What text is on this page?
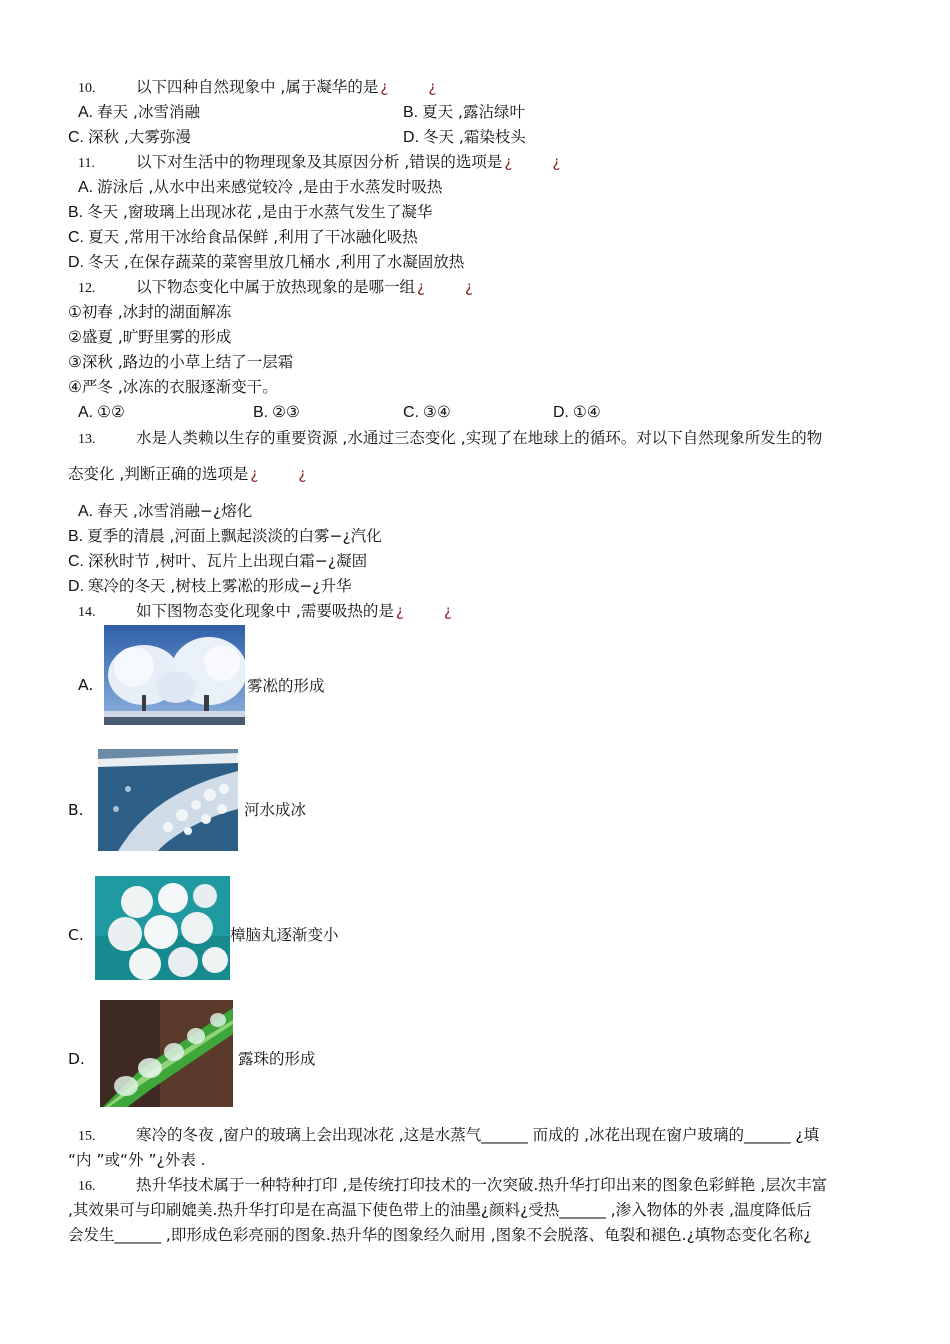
10.	以下四种自然现象中 ,属于凝华的是 ¿	¿
A. 春天 ,冰雪消融	B. 夏天 ,露沾绿叶
C. 深秋 ,大雾弥漫	D. 冬天 ,霜染枝头
11.	以下对生活中的物理现象及其原因分析 ,错误的选项是 ¿	¿
A. 游泳后 ,从水中出来感觉较冷 ,是由于水蒸发时吸热
B. 冬天 ,窗玻璃上出现冰花 ,是由于水蒸气发生了凝华
C. 夏天 ,常用干冰给食品保鲜 ,利用了干冰融化吸热
D. 冬天 ,在保存蔬菜的菜窖里放几桶水 ,利用了水凝固放热
12.	以下物态变化中属于放热现象的是哪一组 ¿	¿
①初春 ,冰封的湖面解冻
②盛夏 ,旷野里雾的形成
③深秋 ,路边的小草上结了一层霜
④严冬 ,冰冻的衣服逐渐变干。
A. ①②	B. ②③	C. ③④	D. ①④
13.	水是人类赖以生存的重要资源 ,水通过三态变化 ,实现了在地球上的循环。对以下自然现象所发生的物
态变化 ,判断正确的选项是 ¿	¿
A. 春天 ,冰雪消融−¿熔化
B. 夏季的清晨 ,河面上飘起淡淡的白雾−¿汽化
C. 深秋时节 ,树叶、瓦片上出现白霜−¿凝固
D. 寒冷的冬天 ,树枝上雾凇的形成−¿升华
14.	如下图物态变化现象中 ,需要吸热的是 ¿	¿
A.	雾凇的形成
B.	河水成冰
C.	樟脑丸逐渐变小
D.	露珠的形成
15.	寒冷的冬夜 ,窗户的玻璃上会出现冰花 ,这是水蒸气______ 而成的 ,冰花出现在窗户玻璃的______ ¿填
“内 ”或“外 ”¿外表 .
16.	热升华技术属于一种特种打印 ,是传统打印技术的一次突破.热升华打印出来的图象色彩鲜艳 ,层次丰富
,其效果可与印刷媲美.热升华打印是在高温下使色带上的油墨¿颜料¿受热______ ,渗入物体的外表 ,温度降低后
会发生______ ,即形成色彩亮丽的图象.热升华的图象经久耐用 ,图象不会脱落、龟裂和褪色.¿填物态变化名称¿
